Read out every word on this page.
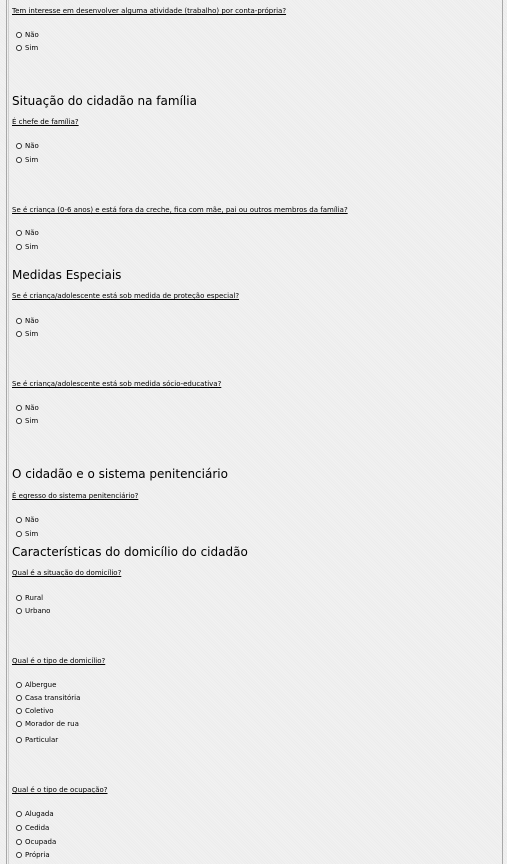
Tem interesse em desenvolver alguma atividade (trabalho) por conta-própria?
Não
Sim
Situação do cidadão na família
É chefe de família?
Não
Sim
Se é criança (0-6 anos) e está fora da creche, fica com mãe, pai ou outros membros da família?
Não
Sim
Medidas Especiais
Se é criança/adolescente está sob medida de proteção especial?
Não
Sim
Se é criança/adolescente está sob medida sócio-educativa?
Não
Sim
O cidadão e o sistema penitenciário
É egresso do sistema penitenciário?
Não
Sim
Características do domicílio do cidadão
Qual é a situação do domicílio?
Rural
Urbano
Qual é o tipo de domicílio?
Albergue
Casa transitória
Coletivo
Morador de rua
Particular
Qual é o tipo de ocupação?
Alugada
Cedida
Ocupada
Própria
